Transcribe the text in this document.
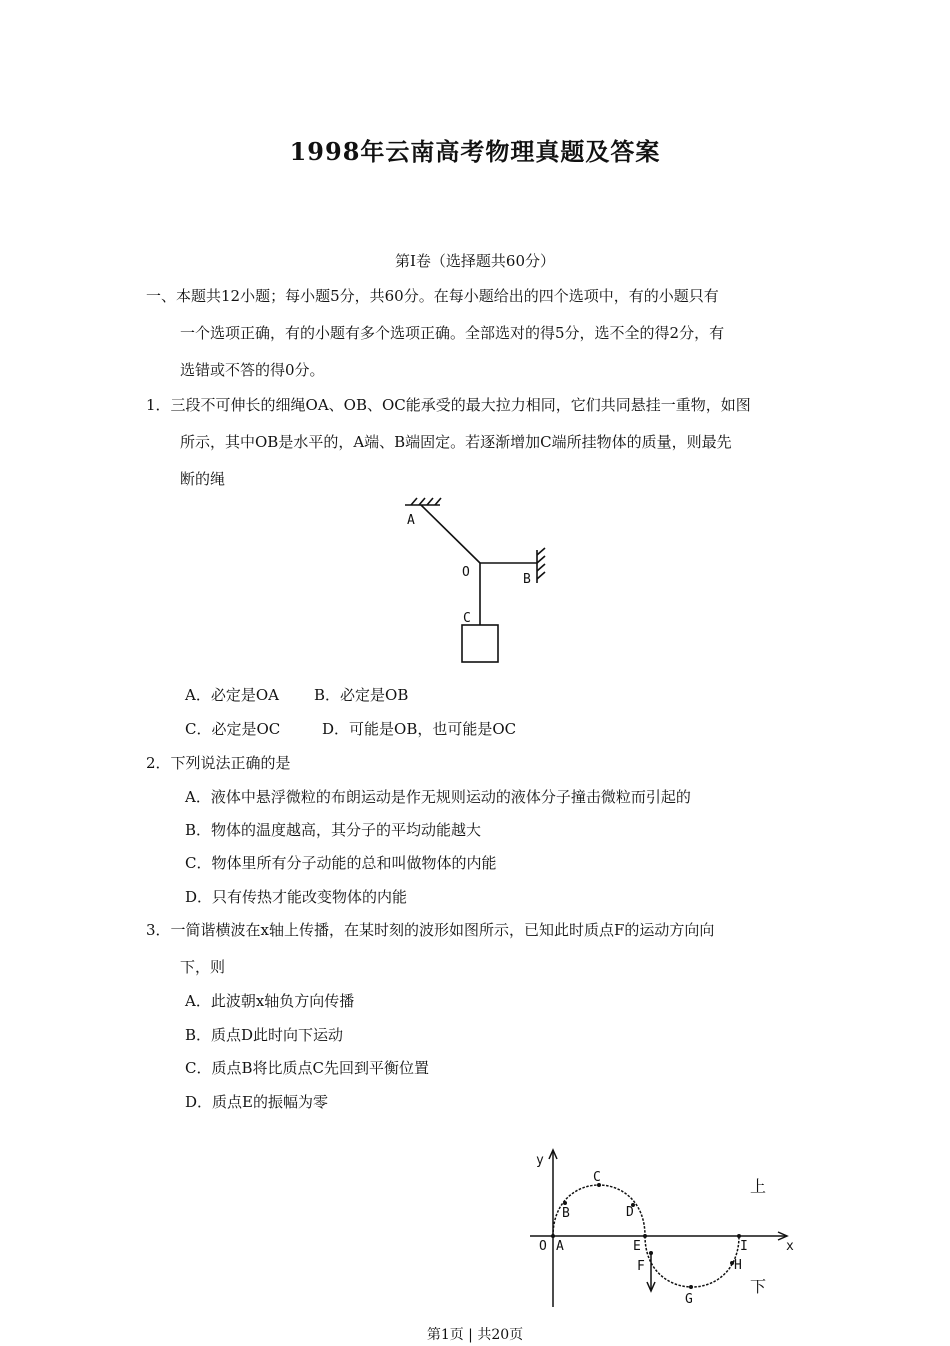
1998年云南高考物理真题及答案
第Ⅰ卷（选择题共60分）
一、本题共12小题；每小题5分，共60分。在每小题给出的四个选项中，有的小题只有
一个选项正确，有的小题有多个选项正确。全部选对的得5分，选不全的得2分，有
选错或不答的得0分。
1．三段不可伸长的细绳OA、OB、OC能承受的最大拉力相同，它们共同悬挂一重物，如图
所示，其中OB是水平的，A端、B端固定。若逐渐增加C端所挂物体的质量，则最先
断的绳
A
O	B
C
A．必定是OA B．必定是OB
C．必定是OC	D．可能是OB，也可能是OC
2．下列说法正确的是
A．液体中悬浮微粒的布朗运动是作无规则运动的液体分子撞击微粒而引起的
B．物体的温度越高，其分子的平均动能越大
C．物体里所有分子动能的总和叫做物体的内能
D．只有传热才能改变物体的内能
3．一简谐横波在x轴上传播，在某时刻的波形如图所示，已知此时质点F的运动方向向
下，则
A．此波朝x轴负方向传播
B．质点D此时向下运动
C．质点B将比质点C先回到平衡位置
D．质点E的振幅为零
y
x
O A
B
C
D
E
F
G
H
I
上
下
第1页 | 共20页
